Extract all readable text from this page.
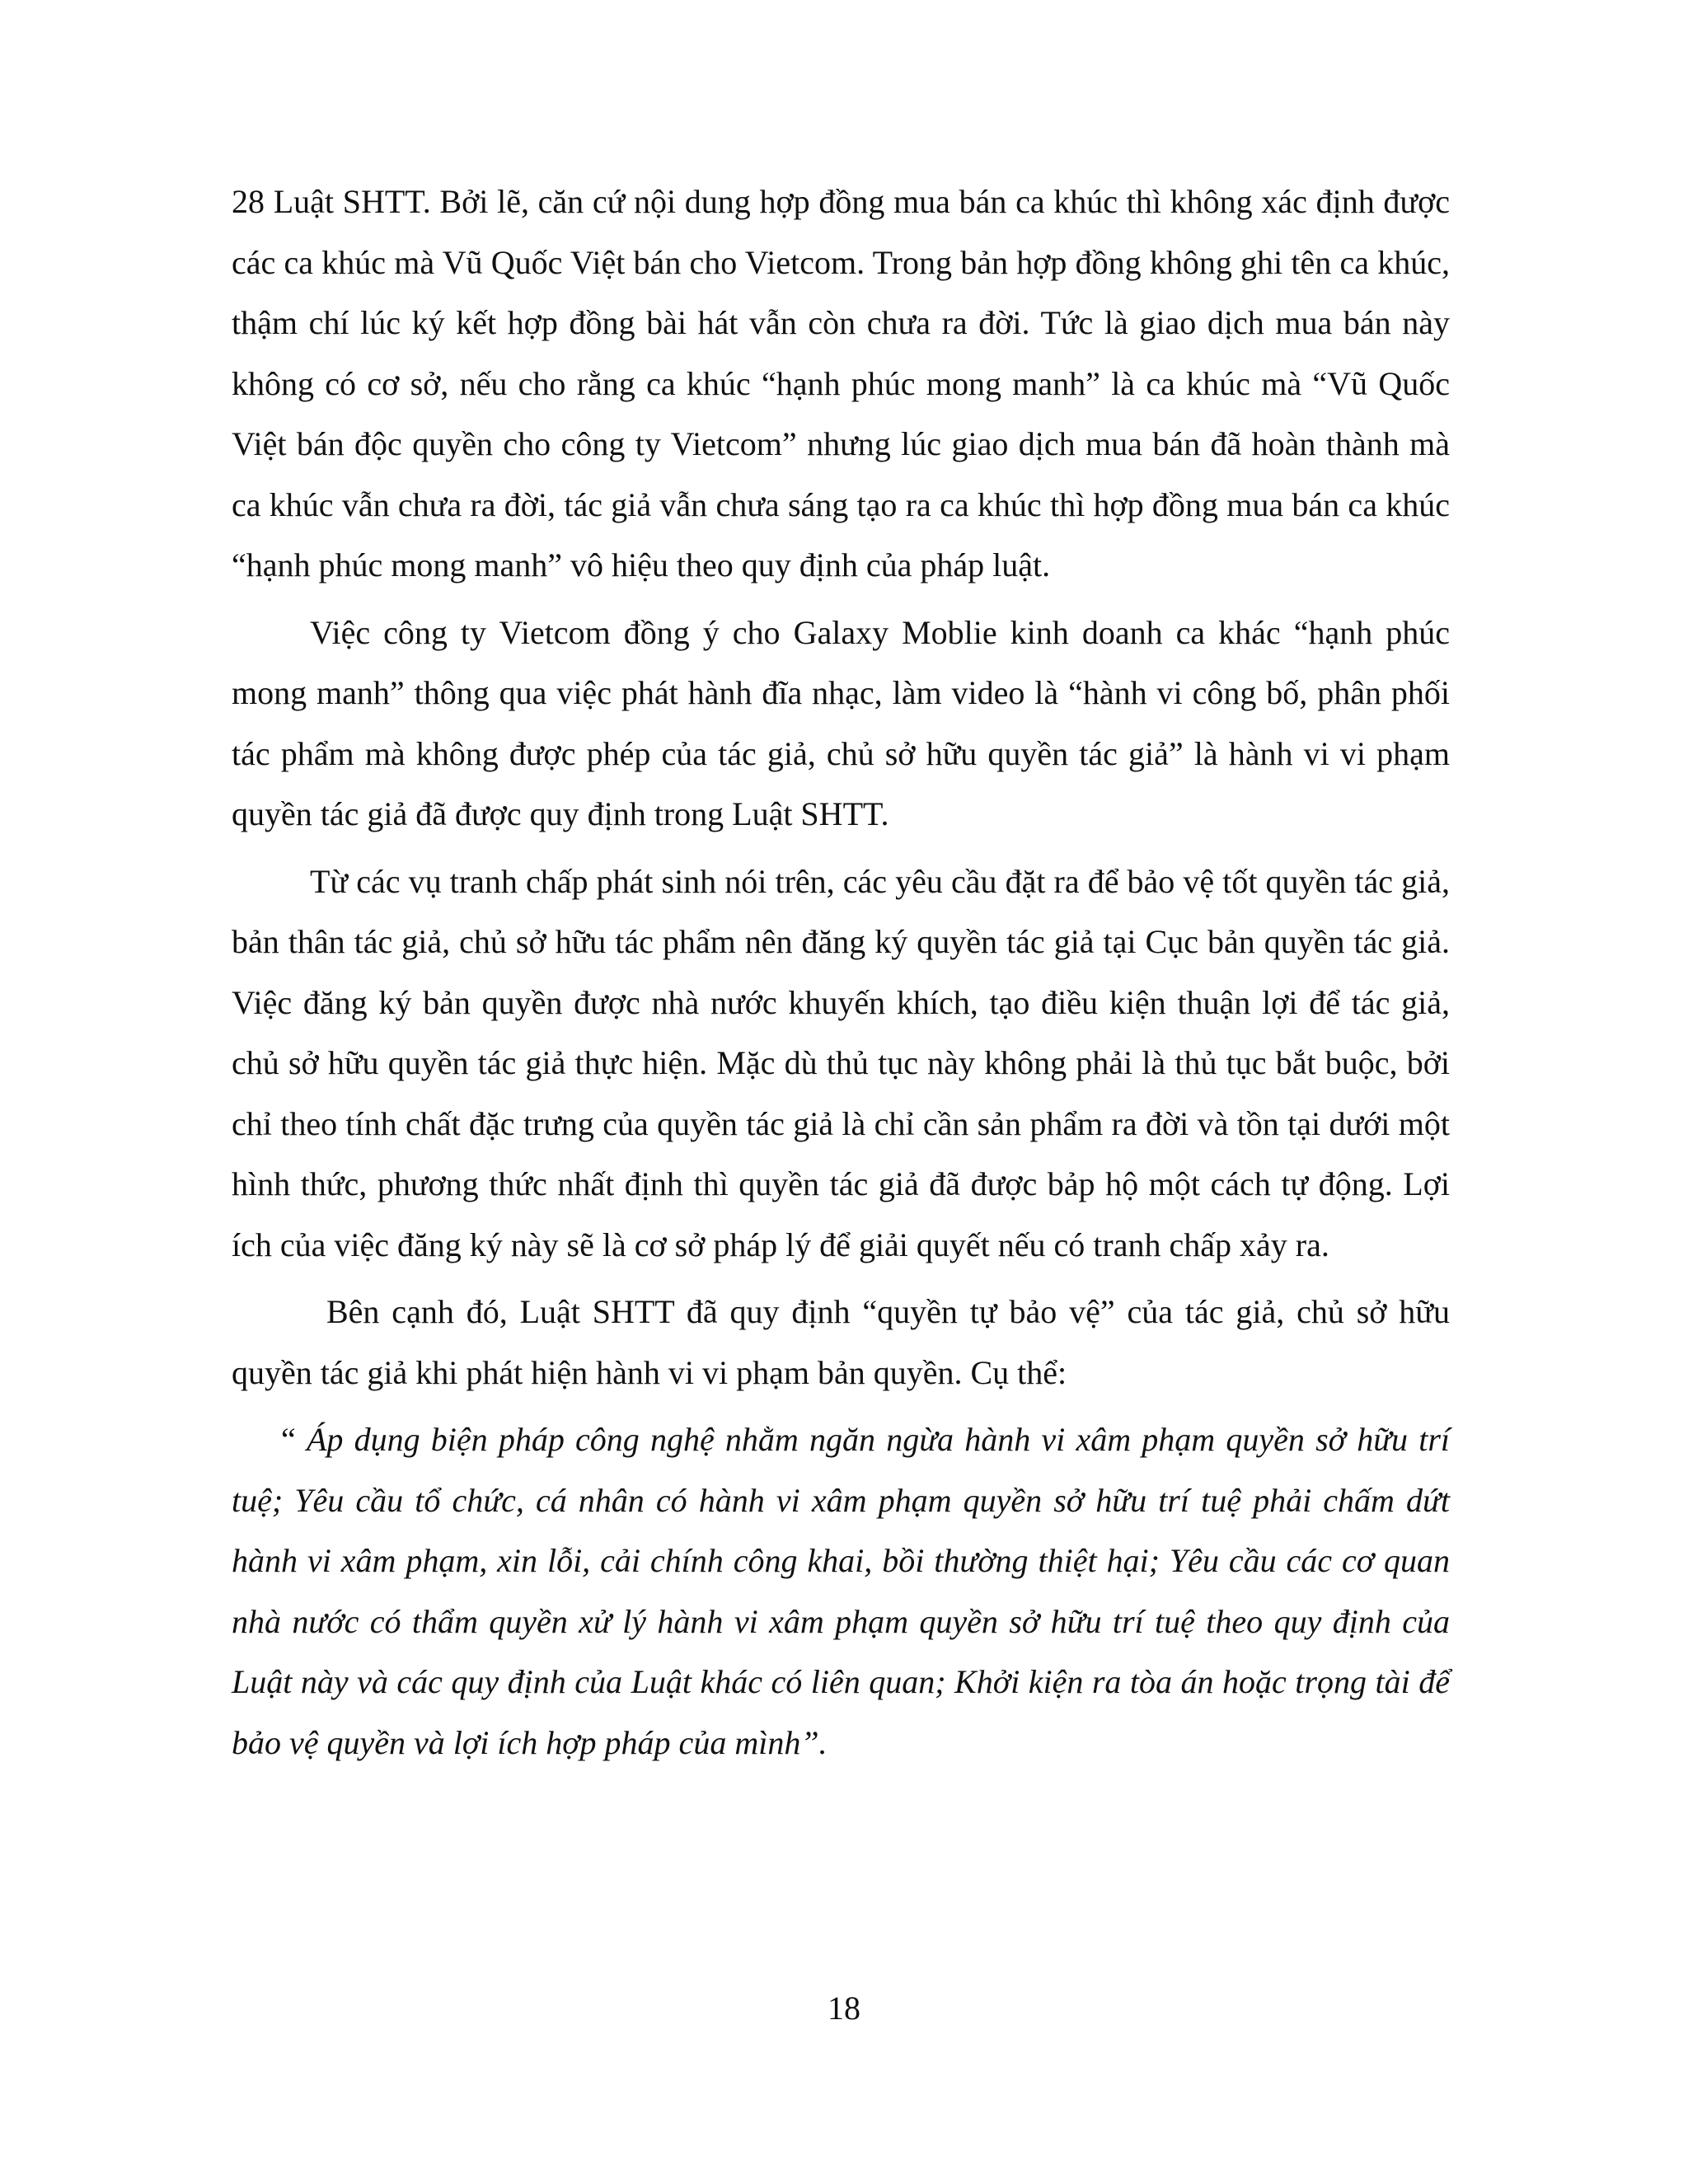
28 Luật SHTT. Bởi lẽ, căn cứ nội dung hợp đồng mua bán ca khúc thì không xác định được các ca khúc mà Vũ Quốc Việt bán cho Vietcom. Trong bản hợp đồng không ghi tên ca khúc, thậm chí lúc ký kết hợp đồng bài hát vẫn còn chưa ra đời. Tức là giao dịch mua bán này không có cơ sở, nếu cho rằng ca khúc “hạnh phúc mong manh” là ca khúc mà “Vũ Quốc Việt bán độc quyền cho công ty Vietcom” nhưng lúc giao dịch mua bán đã hoàn thành mà ca khúc vẫn chưa ra đời, tác giả vẫn chưa sáng tạo ra ca khúc thì hợp đồng mua bán ca khúc “hạnh phúc mong manh” vô hiệu theo quy định của pháp luật.

Việc công ty Vietcom đồng ý cho Galaxy Moblie kinh doanh ca khác “hạnh phúc mong manh” thông qua việc phát hành đĩa nhạc, làm video là “hành vi công bố, phân phối tác phẩm mà không được phép của tác giả, chủ sở hữu quyền tác giả” là hành vi vi phạm quyền tác giả đã được quy định trong Luật SHTT.

Từ các vụ tranh chấp phát sinh nói trên, các yêu cầu đặt ra để bảo vệ tốt quyền tác giả, bản thân tác giả, chủ sở hữu tác phẩm nên đăng ký quyền tác giả tại Cục bản quyền tác giả. Việc đăng ký bản quyền được nhà nước khuyến khích, tạo điều kiện thuận lợi để tác giả, chủ sở hữu quyền tác giả thực hiện. Mặc dù thủ tục này không phải là thủ tục bắt buộc, bởi chỉ theo tính chất đặc trưng của quyền tác giả là chỉ cần sản phẩm ra đời và tồn tại dưới một hình thức, phương thức nhất định thì quyền tác giả đã được bảp hộ một cách tự động. Lợi ích của việc đăng ký này sẽ là cơ sở pháp lý để giải quyết nếu có tranh chấp xảy ra.

Bên cạnh đó, Luật SHTT đã quy định “quyền tự bảo vệ” của tác giả, chủ sở hữu quyền tác giả khi phát hiện hành vi vi phạm bản quyền. Cụ thể:

“ Áp dụng biện pháp công nghệ nhằm ngăn ngừa hành vi xâm phạm quyền sở hữu trí tuệ; Yêu cầu tổ chức, cá nhân có hành vi xâm phạm quyền sở hữu trí tuệ phải chấm dứt hành vi xâm phạm, xin lỗi, cải chính công khai, bồi thường thiệt hại; Yêu cầu các cơ quan nhà nước có thẩm quyền xử lý hành vi xâm phạm quyền sở hữu trí tuệ theo quy định của Luật này và các quy định của Luật khác có liên quan; Khởi kiện ra tòa án hoặc trọng tài để bảo vệ quyền và lợi ích hợp pháp của mình”.

18
